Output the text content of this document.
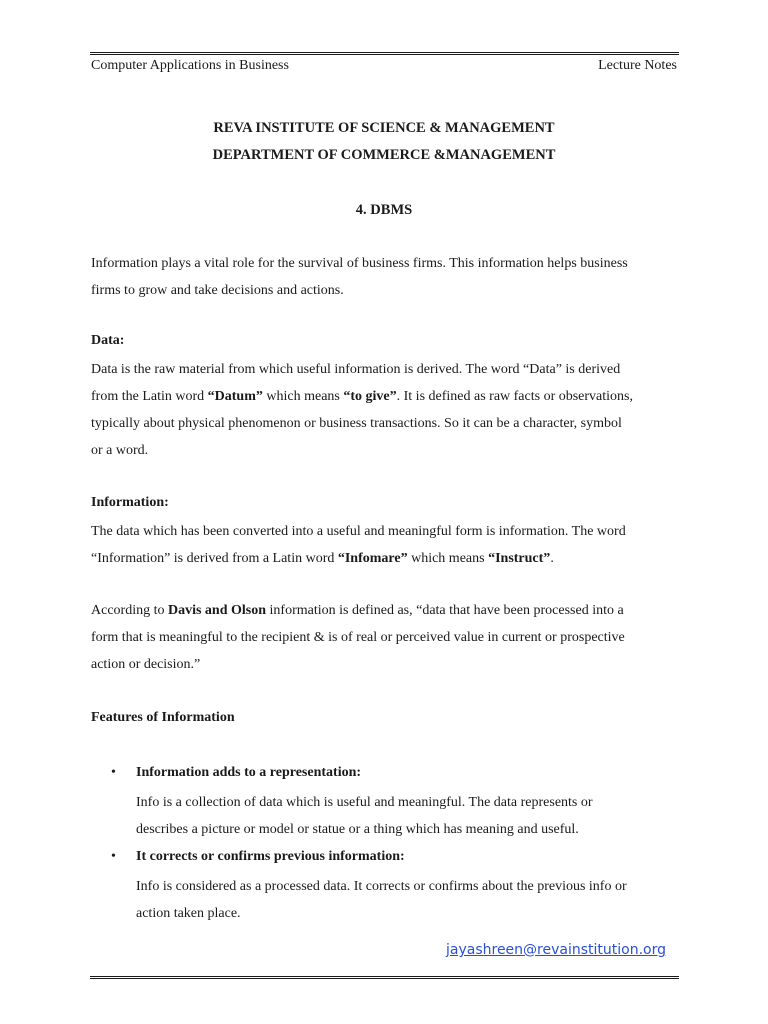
Computer Applications in Business	Lecture Notes
REVA INSTITUTE OF SCIENCE & MANAGEMENT
DEPARTMENT OF COMMERCE &MANAGEMENT
4. DBMS

Information plays a vital role for the survival of business firms. This information helps business
firms to grow and take decisions and actions.

Data:

Data is the raw material from which useful information is derived. The word “Data” is derived
from the Latin word “Datum” which means “to give”. It is defined as raw facts or observations,
typically about physical phenomenon or business transactions. So it can be a character, symbol
or a word.

Information:

The data which has been converted into a useful and meaningful form is information. The word
“Information” is derived from a Latin word “Infomare” which means “Instruct”.

According to Davis and Olson information is defined as, “data that have been processed into a
form that is meaningful to the recipient & is of real or perceived value in current or prospective
action or decision.”

Features of Information
• Information adds to a representation:

Info is a collection of data which is useful and meaningful. The data represents or
describes a picture or model or statue or a thing which has meaning and useful.

• It corrects or confirms previous information:

Info is considered as a processed data. It corrects or confirms about the previous info or
action taken place.

jayashreen@revainstitution.org
